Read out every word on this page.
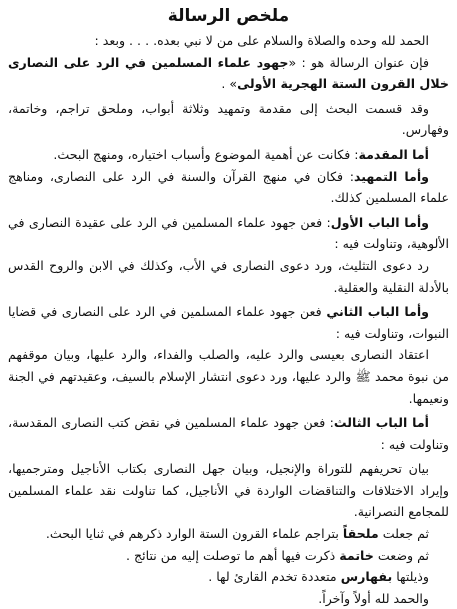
ملخص الرسالة

الحمد لله وحده والصلاة والسلام على من لا نبي بعده. . . . وبعد :

فإن عنوان الرسالة هو : «جهود علماء المسلمين في الرد على النصارى خلال القرون الستة الهجرية الأولى» .

وقد قسمت البحث إلى مقدمة وتمهيد وثلاثة أبواب، وملحق تراجم، وخاتمة، وفهارس.

أما المقدمة: فكانت عن أهمية الموضوع وأسباب اختياره، ومنهج البحث.

وأما التمهيد: فكان في منهج القرآن والسنة في الرد على النصارى، ومناهج علماء المسلمين كذلك.

وأما الباب الأول: فعن جهود علماء المسلمين في الرد على عقيدة النصارى في الألوهية، وتناولت فيه :

رد دعوى التثليث، ورد دعوى النصارى في الأب، وكذلك في الابن والروح القدس بالأدلة النقلية والعقلية.

وأما الباب الثاني فعن جهود علماء المسلمين في الرد على النصارى في قضايا النبوات، وتناولت فيه :

اعتقاد النصارى بعيسى والرد عليه، والصلب والفداء، والرد عليها، وبيان موقفهم من نبوة محمد ﷺ والرد عليها، ورد دعوى انتشار الإسلام بالسيف، وعقيدتهم في الجنة ونعيمها.

أما الباب الثالث: فعن جهود علماء المسلمين في نقض كتب النصارى المقدسة، وتناولت فيه :

بيان تحريفهم للتوراة والإنجيل، وبيان جهل النصارى بكتاب الأناجيل ومترجميها، وإيراد الاختلافات والتناقضات الواردة في الأناجيل، كما تناولت نقد علماء المسلمين للمجامع النصرانية.

ثم جعلت ملحقاً بتراجم علماء القرون الستة الوارد ذكرهم في ثنايا البحث.

ثم وضعت خاتمة ذكرت فيها أهم ما توصلت إليه من نتائج .

وذيلتها بفهارس متعددة تخدم القارئ لها .

والحمد لله أولاً وآخراً.
